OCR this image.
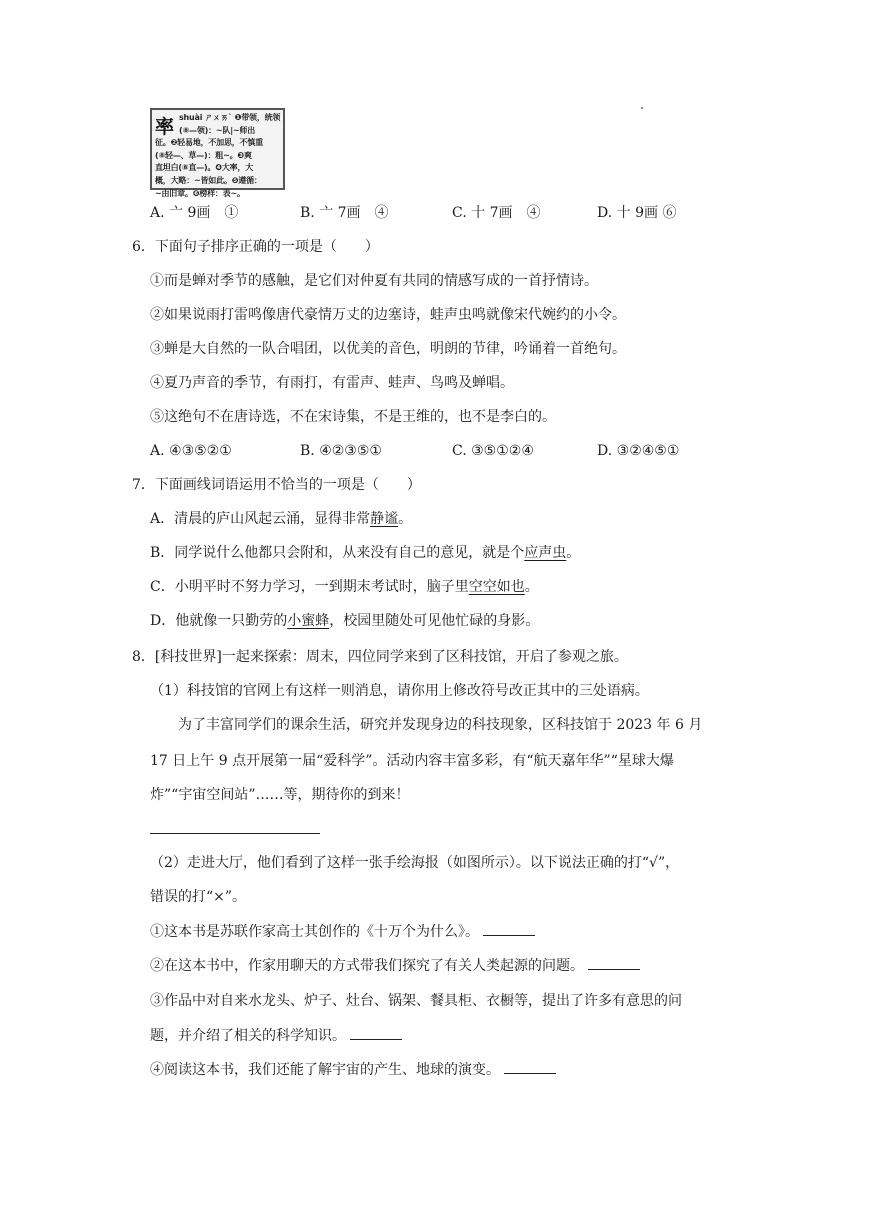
率 shuài ㄕㄨㄞˋ ❶带领，统领
(⑧—领)：~队|~师出
征。❷轻易地，不加思，不慎重
(⑧轻—、草—)：粗~。❸爽
直坦白(⑧直—)。❹大率，大
概，大略：~皆如此。❺遵循：
~由旧章。❻榜样：表~。
A. 亠 9画　①	B. 亠 7画　④	C. 十 7画　④	D. 十 9画 ⑥
6．下面句子排序正确的一项是（　　）
①而是蝉对季节的感触，是它们对仲夏有共同的情感写成的一首抒情诗。
②如果说雨打雷鸣像唐代豪情万丈的边塞诗，蛙声虫鸣就像宋代婉约的小令。
③蝉是大自然的一队合唱团，以优美的音色，明朗的节律，吟诵着一首绝句。
④夏乃声音的季节，有雨打，有雷声、蛙声、鸟鸣及蝉唱。
⑤这绝句不在唐诗选，不在宋诗集，不是王维的，也不是李白的。
A. ④③⑤②①	B. ④②③⑤①	C. ③⑤①②④	D. ③②④⑤①
7．下面画线词语运用不恰当的一项是（　　）
A．清晨的庐山风起云涌，显得非常静谧。
B．同学说什么他都只会附和，从来没有自己的意见，就是个应声虫。
C．小明平时不努力学习，一到期末考试时，脑子里空空如也。
D．他就像一只勤劳的小蜜蜂，校园里随处可见他忙碌的身影。
8．[科技世界]一起来探索：周末，四位同学来到了区科技馆，开启了参观之旅。
（1）科技馆的官网上有这样一则消息，请你用上修改符号改正其中的三处语病。
为了丰富同学们的课余生活，研究并发现身边的科技现象，区科技馆于 2023 年 6 月
17 日上午 9 点开展第一届“爱科学”。活动内容丰富多彩，有“航天嘉年华”“星球大爆
炸”“宇宙空间站”……等，期待你的到来！
（2）走进大厅，他们看到了这样一张手绘海报（如图所示）。以下说法正确的打“√”，
错误的打“×”。
①这本书是苏联作家高士其创作的《十万个为什么》。
②在这本书中，作家用聊天的方式带我们探究了有关人类起源的问题。
③作品中对自来水龙头、炉子、灶台、锅架、餐具柜、衣橱等，提出了许多有意思的问
题，并介绍了相关的科学知识。
④阅读这本书，我们还能了解宇宙的产生、地球的演变。
